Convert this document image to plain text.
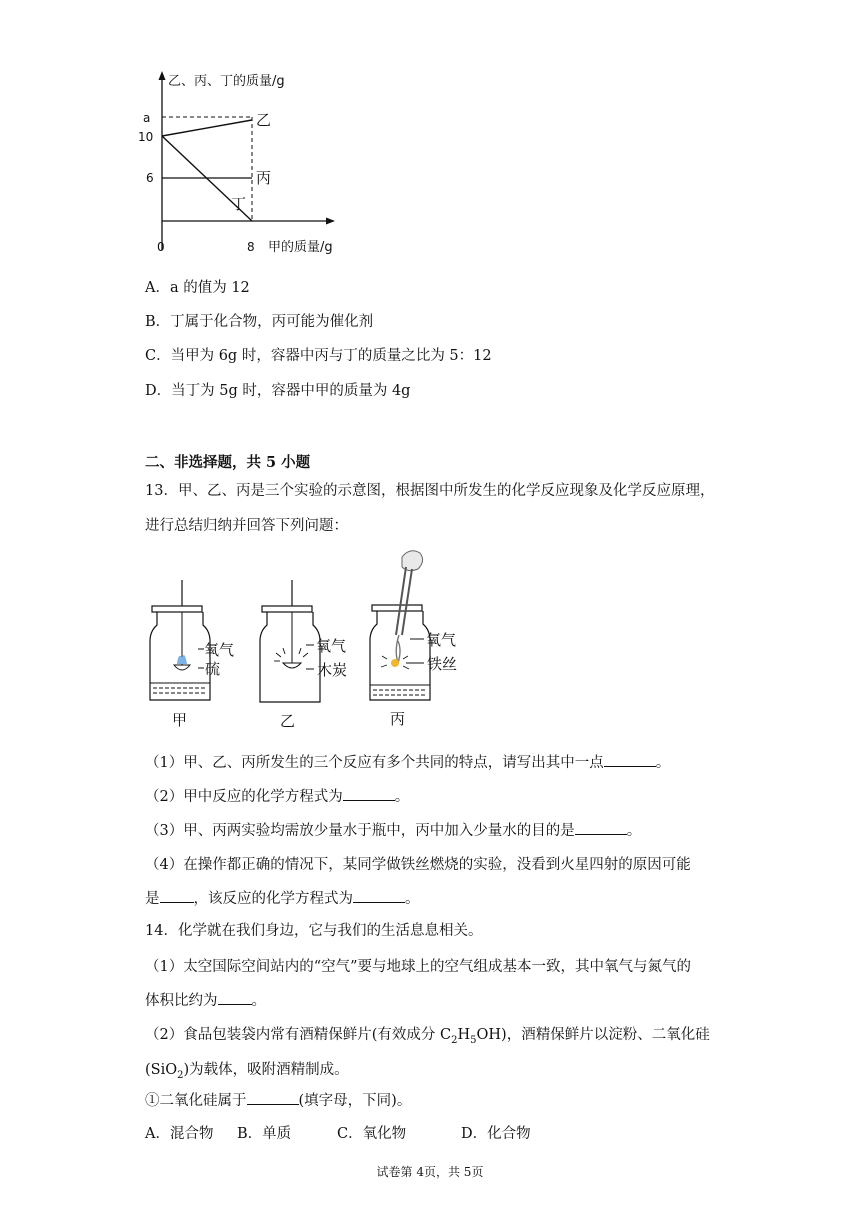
乙、丙、丁的质量/g
a
10
6
0	8 甲的质量/g
乙
丙
丁
A．a 的值为 12
B．丁属于化合物，丙可能为催化剂
C．当甲为 6g 时，容器中丙与丁的质量之比为 5：12
D．当丁为 5g 时，容器中甲的质量为 4g
二、非选择题，共 5 小题
13．甲、乙、丙是三个实验的示意图，根据图中所发生的化学反应现象及化学反应原理，
进行总结归纳并回答下列问题：
氧气
硫
甲
氧气
木炭
乙
氧气
铁丝
丙
（1）甲、乙、丙所发生的三个反应有多个共同的特点，请写出其中一点	。
（2）甲中反应的化学方程式为	。
（3）甲、丙两实验均需放少量水于瓶中，丙中加入少量水的目的是	。
（4）在操作都正确的情况下，某同学做铁丝燃烧的实验，没看到火星四射的原因可能
是 ，该反应的化学方程式为	。
14．化学就在我们身边，它与我们的生活息息相关。
（1）太空国际空间站内的“空气”要与地球上的空气组成基本一致，其中氧气与氮气的
体积比约为 。
（2）食品包装袋内常有酒精保鲜片(有效成分 $C_2H_5OH$)，酒精保鲜片以淀粉、二氧化硅
(SiO$_2$)为载体，吸附酒精制成。
①二氧化硅属于	(填字母，下同)。
A．混合物 B．单质	C．氧化物	D．化合物
试卷第 4页，共 5页
